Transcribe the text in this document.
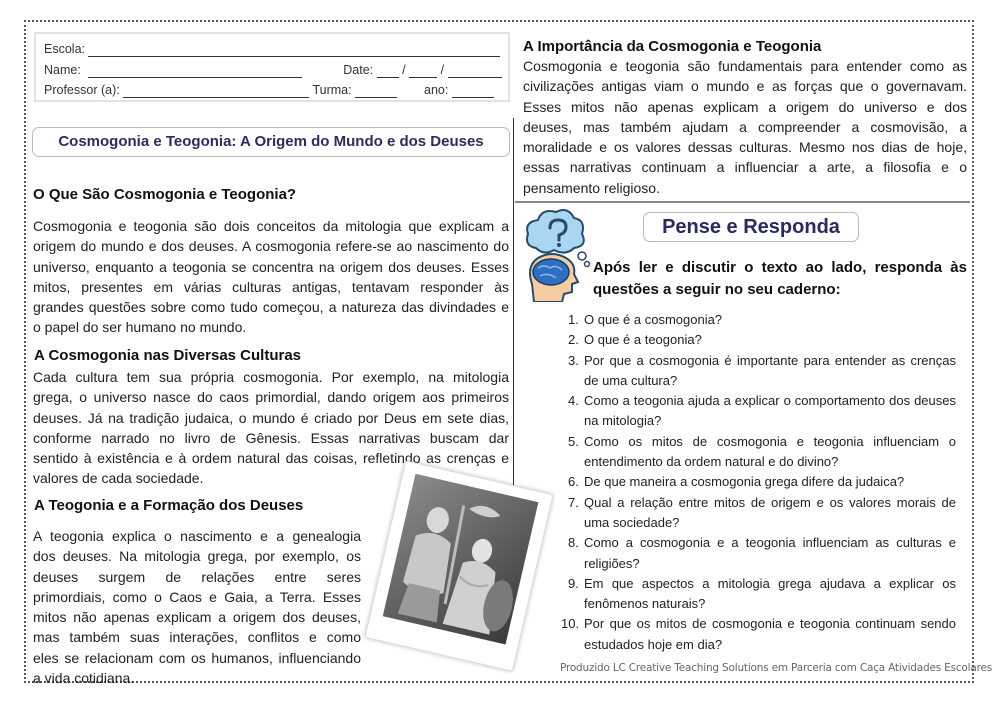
Escola:
Name:	Date: /	/
Professor (a):	Turma:	ano:
Cosmogonia e Teogonia: A Origem do Mundo e dos Deuses
O Que São Cosmogonia e Teogonia?
Cosmogonia e teogonia são dois conceitos da mitologia que explicam a
origem do mundo e dos deuses. A cosmogonia refere-se ao nascimento do
universo, enquanto a teogonia se concentra na origem dos deuses. Esses
mitos, presentes em várias culturas antigas, tentavam responder às
grandes questões sobre como tudo começou, a natureza das divindades e
o papel do ser humano no mundo.
A Cosmogonia nas Diversas Culturas
Cada cultura tem sua própria cosmogonia. Por exemplo, na mitologia
grega, o universo nasce do caos primordial, dando origem aos primeiros
deuses. Já na tradição judaica, o mundo é criado por Deus em sete dias,
conforme narrado no livro de Gênesis. Essas narrativas buscam dar
sentido à existência e à ordem natural das coisas, refletindo as crenças e
valores de cada sociedade.
A Teogonia e a Formação dos Deuses
A teogonia explica o nascimento e a genealogia
dos deuses. Na mitologia grega, por exemplo, os
deuses surgem de relações entre seres
primordiais, como o Caos e Gaia, a Terra. Esses
mitos não apenas explicam a origem dos deuses,
mas também suas interações, conflitos e como
eles se relacionam com os humanos, influenciando
a vida cotidiana.
A Importância da Cosmogonia e Teogonia
Cosmogonia e teogonia são fundamentais para entender como as
civilizações antigas viam o mundo e as forças que o governavam.
Esses mitos não apenas explicam a origem do universo e dos
deuses, mas também ajudam a compreender a cosmovisão, a
moralidade e os valores dessas culturas. Mesmo nos dias de hoje,
essas narrativas continuam a influenciar a arte, a filosofia e o
pensamento religioso.
Pense e Responda
Após ler e discutir o texto ao lado, responda às questões a seguir no seu caderno:
1. O que é a cosmogonia?
2. O que é a teogonia?
3. Por que a cosmogonia é importante para entender as crenças de uma cultura?
4. Como a teogonia ajuda a explicar o comportamento dos deuses na mitologia?
5. Como os mitos de cosmogonia e teogonia influenciam o entendimento da ordem natural e do divino?
6. De que maneira a cosmogonia grega difere da judaica?
7. Qual a relação entre mitos de origem e os valores morais de uma sociedade?
8. Como a cosmogonia e a teogonia influenciam as culturas e religiões?
9. Em que aspectos a mitologia grega ajudava a explicar os fenômenos naturais?
10. Por que os mitos de cosmogonia e teogonia continuam sendo estudados hoje em dia?
Produzido LC Creative Teaching Solutions em Parceria com Caça Atividades Escolares
